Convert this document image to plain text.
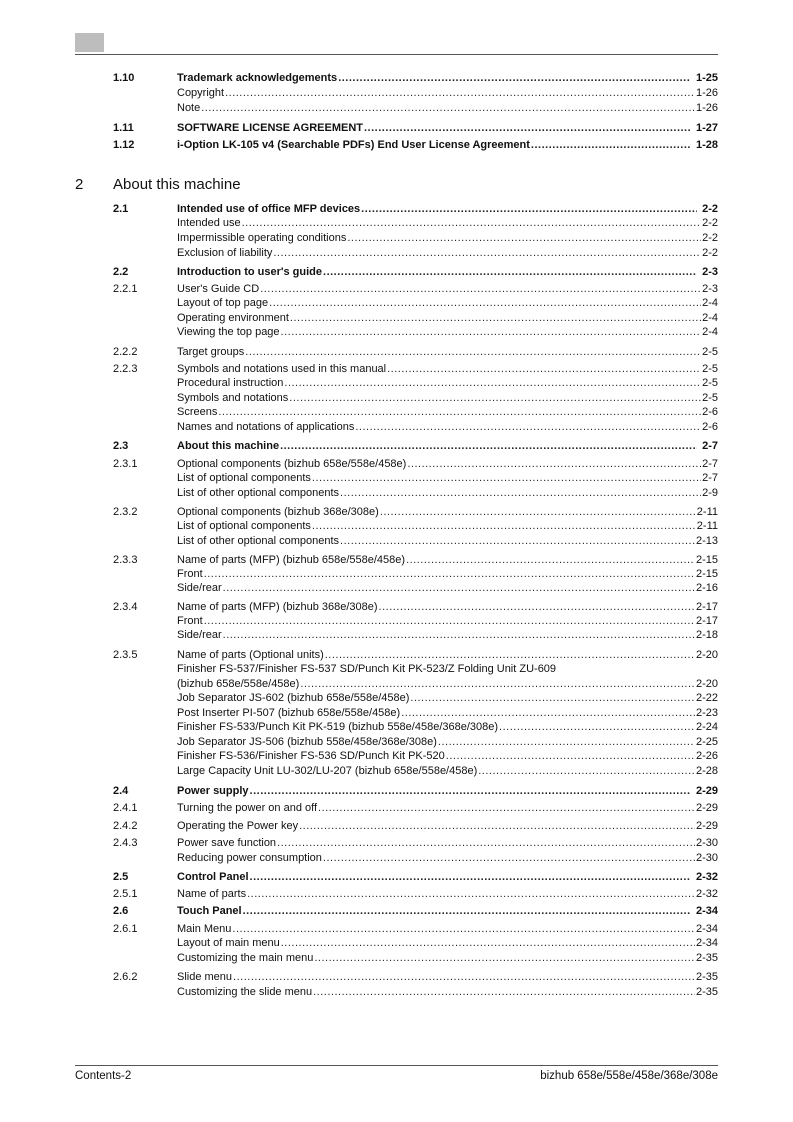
2 About this machine
1.10	Trademark acknowledgements .....	1-25
Copyright .....	1-26
Note .....	1-26
1.11	SOFTWARE LICENSE AGREEMENT .....	1-27
1.12	i-Option LK-105 v4 (Searchable PDFs) End User License Agreement .....	1-28
2.1	Intended use of office MFP devices .....	2-2
Intended use .....	2-2
Impermissible operating conditions .....	2-2
Exclusion of liability .....	2-2
2.2	Introduction to user's guide .....	2-3
2.2.1	User's Guide CD .....	2-3
Layout of top page .....	2-4
Operating environment .....	2-4
Viewing the top page .....	2-4
2.2.2	Target groups .....	2-5
2.2.3	Symbols and notations used in this manual .....	2-5
Procedural instruction .....	2-5
Symbols and notations .....	2-5
Screens .....	2-6
Names and notations of applications .....	2-6
2.3	About this machine .....	2-7
2.3.1	Optional components (bizhub 658e/558e/458e) .....	2-7
List of optional components .....	2-7
List of other optional components .....	2-9
2.3.2	Optional components (bizhub 368e/308e) .....	2-11
List of optional components .....	2-11
List of other optional components .....	2-13
2.3.3	Name of parts (MFP) (bizhub 658e/558e/458e) .....	2-15
Front .....	2-15
Side/rear .....	2-16
2.3.4	Name of parts (MFP) (bizhub 368e/308e) .....	2-17
Front .....	2-17
Side/rear .....	2-18
2.3.5	Name of parts (Optional units) .....	2-20
Finisher FS-537/Finisher FS-537 SD/Punch Kit PK-523/Z Folding Unit ZU-609
(bizhub 658e/558e/458e) .....	2-20
Job Separator JS-602 (bizhub 658e/558e/458e) .....	2-22
Post Inserter PI-507 (bizhub 658e/558e/458e) .....	2-23
Finisher FS-533/Punch Kit PK-519 (bizhub 558e/458e/368e/308e) .....	2-24
Job Separator JS-506 (bizhub 558e/458e/368e/308e) .....	2-25
Finisher FS-536/Finisher FS-536 SD/Punch Kit PK-520 .....	2-26
Large Capacity Unit LU-302/LU-207 (bizhub 658e/558e/458e) .....	2-28
2.4	Power supply .....	2-29
2.4.1	Turning the power on and off .....	2-29
2.4.2	Operating the Power key .....	2-29
2.4.3	Power save function .....	2-30
Reducing power consumption .....	2-30
2.5	Control Panel .....	2-32
2.5.1	Name of parts .....	2-32
2.6	Touch Panel .....	2-34
2.6.1	Main Menu .....	2-34
Layout of main menu .....	2-34
Customizing the main menu .....	2-35
2.6.2	Slide menu .....	2-35
Customizing the slide menu .....	2-35
Contents-2	bizhub 658e/558e/458e/368e/308e
